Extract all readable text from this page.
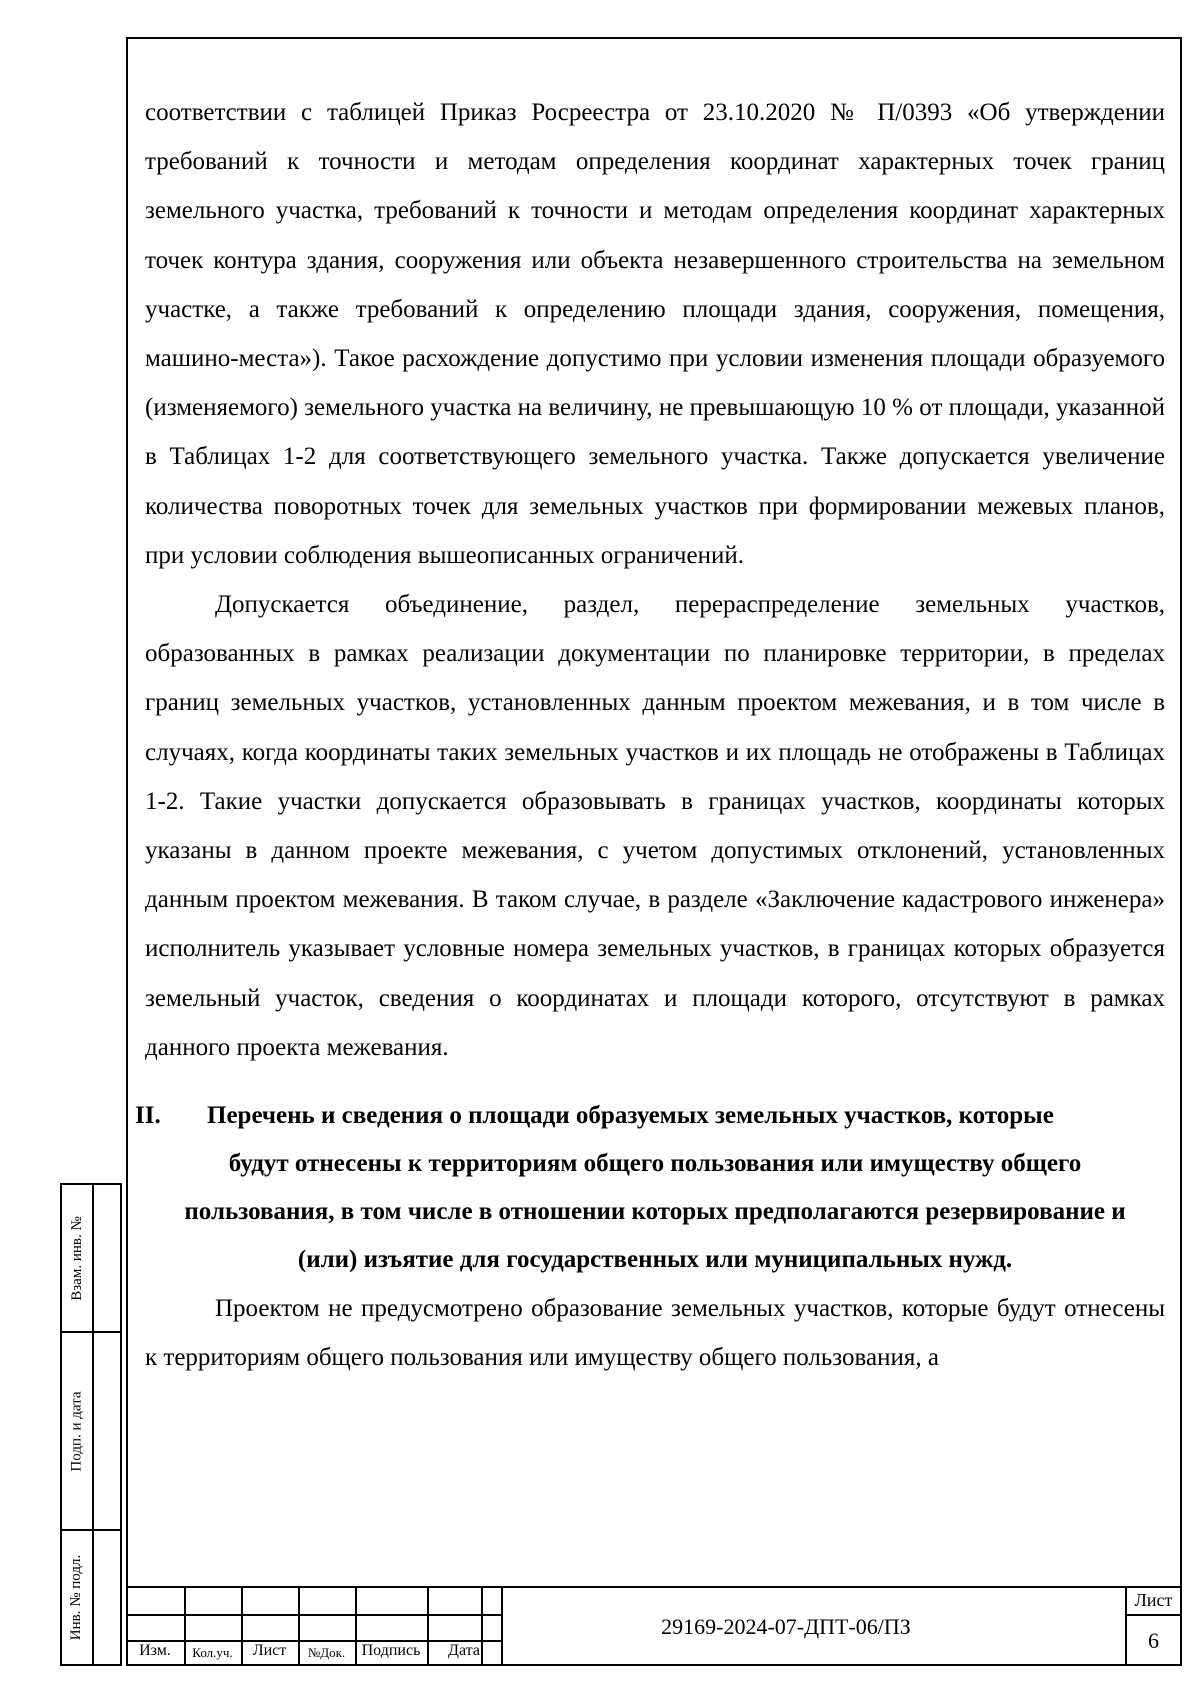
соответствии с таблицей Приказ Росреестра от 23.10.2020 № П/0393 «Об утверждении требований к точности и методам определения координат характерных точек границ земельного участка, требований к точности и методам определения координат характерных точек контура здания, сооружения или объекта незавершенного строительства на земельном участке, а также требований к определению площади здания, сооружения, помещения, машино-места»). Такое расхождение допустимо при условии изменения площади образуемого (изменяемого) земельного участка на величину, не превышающую 10 % от площади, указанной в Таблицах 1-2 для соответствующего земельного участка. Также допускается увеличение количества поворотных точек для земельных участков при формировании межевых планов, при условии соблюдения вышеописанных ограничений.

Допускается объединение, раздел, перераспределение земельных участков, образованных в рамках реализации документации по планировке территории, в пределах границ земельных участков, установленных данным проектом межевания, и в том числе в случаях, когда координаты таких земельных участков и их площадь не отображены в Таблицах 1-2. Такие участки допускается образовывать в границах участков, координаты которых указаны в данном проекте межевания, с учетом допустимых отклонений, установленных данным проектом межевания. В таком случае, в разделе «Заключение кадастрового инженера» исполнитель указывает условные номера земельных участков, в границах которых образуется земельный участок, сведения о координатах и площади которого, отсутствуют в рамках данного проекта межевания.

II. Перечень и сведения о площади образуемых земельных участков, которые
будут отнесены к территориям общего пользования или имуществу общего пользования, в том числе в отношении которых предполагаются резервирование и (или) изъятие для государственных или муниципальных нужд.

Проектом не предусмотрено образование земельных участков, которые будут отнесены к территориям общего пользования или имуществу общего пользования, а

Взам. инв. №
Подп. и дата
Инв. № подл.
Изм.	Кол.уч.	Лист	№Док.	Подпись	Дата
29169-2024-07-ДПТ-06/ПЗ
Лист
6
